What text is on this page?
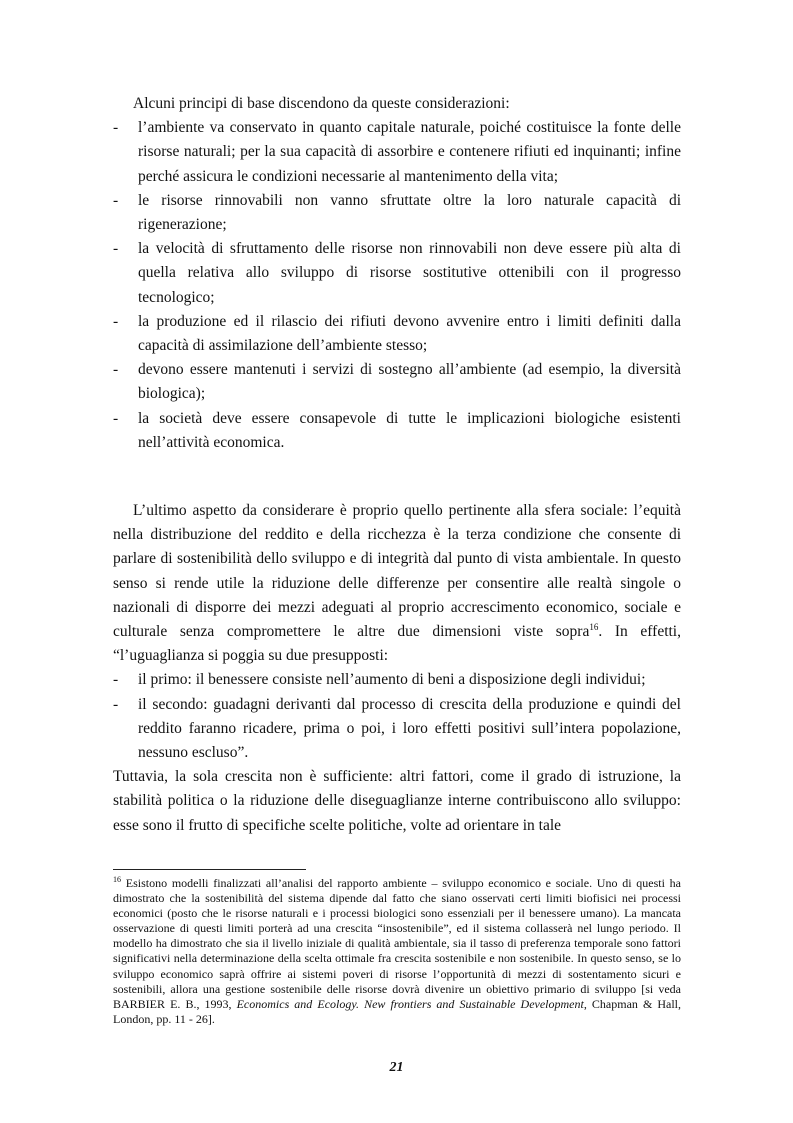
Alcuni principi di base discendono da queste considerazioni:

- l’ambiente va conservato in quanto capitale naturale, poiché costituisce la fonte delle risorse naturali; per la sua capacità di assorbire e contenere rifiuti ed inquinanti; infine perché assicura le condizioni necessarie al mantenimento della vita;
- le risorse rinnovabili non vanno sfruttate oltre la loro naturale capacità di rigenerazione;
- la velocità di sfruttamento delle risorse non rinnovabili non deve essere più alta di quella relativa allo sviluppo di risorse sostitutive ottenibili con il progresso tecnologico;
- la produzione ed il rilascio dei rifiuti devono avvenire entro i limiti definiti dalla capacità di assimilazione dell’ambiente stesso;
- devono essere mantenuti i servizi di sostegno all’ambiente (ad esempio, la diversità biologica);
- la società deve essere consapevole di tutte le implicazioni biologiche esistenti nell’attività economica.

L’ultimo aspetto da considerare è proprio quello pertinente alla sfera sociale: l’equità nella distribuzione del reddito e della ricchezza è la terza condizione che consente di parlare di sostenibilità dello sviluppo e di integrità dal punto di vista ambientale. In questo senso si rende utile la riduzione delle differenze per consentire alle realtà singole o nazionali di disporre dei mezzi adeguati al proprio accrescimento economico, sociale e culturale senza compromettere le altre due dimensioni viste sopra$^{16}$. In effetti, “l’uguaglianza si poggia su due presupposti:

- il primo: il benessere consiste nell’aumento di beni a disposizione degli individui;
- il secondo: guadagni derivanti dal processo di crescita della produzione e quindi del reddito faranno ricadere, prima o poi, i loro effetti positivi sull’intera popolazione, nessuno escluso”.

Tuttavia, la sola crescita non è sufficiente: altri fattori, come il grado di istruzione, la stabilità politica o la riduzione delle diseguaglianze interne contribuiscono allo sviluppo: esse sono il frutto di specifiche scelte politiche, volte ad orientare in tale

$^{16}$ Esistono modelli finalizzati all’analisi del rapporto ambiente – sviluppo economico e sociale. Uno di questi ha dimostrato che la sostenibilità del sistema dipende dal fatto che siano osservati certi limiti biofisici nei processi economici (posto che le risorse naturali e i processi biologici sono essenziali per il benessere umano). La mancata osservazione di questi limiti porterà ad una crescita “insostenibile”, ed il sistema collasserà nel lungo periodo. Il modello ha dimostrato che sia il livello iniziale di qualità ambientale, sia il tasso di preferenza temporale sono fattori significativi nella determinazione della scelta ottimale fra crescita sostenibile e non sostenibile. In questo senso, se lo sviluppo economico saprà offrire ai sistemi poveri di risorse l’opportunità di mezzi di sostentamento sicuri e sostenibili, allora una gestione sostenibile delle risorse dovrà divenire un obiettivo primario di sviluppo [si veda BARBIER E. B., 1993, Economics and Ecology. New frontiers and Sustainable Development, Chapman & Hall, London, pp. 11 - 26].

21
